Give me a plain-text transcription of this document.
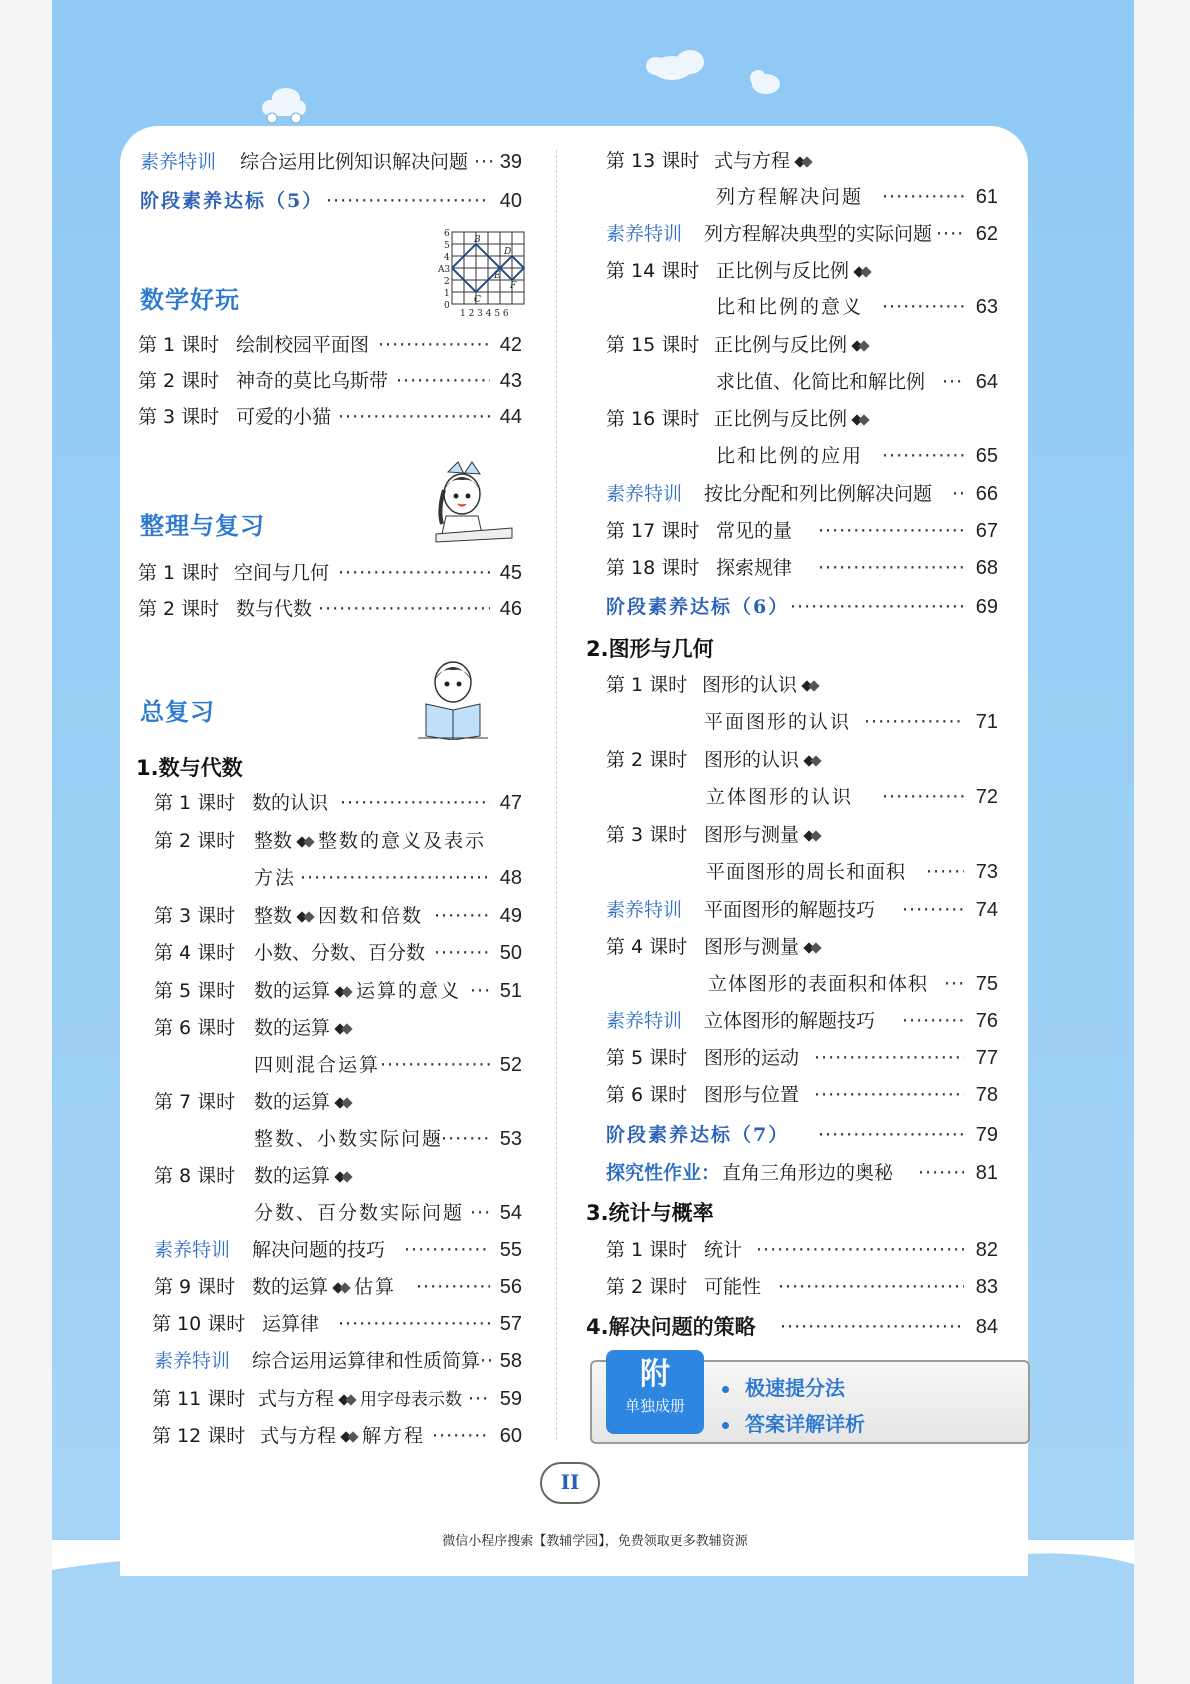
素养特训 综合运用比例知识解决问题 ·····	39
阶段素养达标（5） ·····	40
6
5
4
A3
2
1
0
B
D
E
F
C
1 2 3 4 5 6
数学好玩
第 1 课时 绘制校园平面图 ·····	42
第 2 课时 神奇的莫比乌斯带 ·····	43
第 3 课时 可爱的小猫 ·····	44
整理与复习
第 1 课时 空间与几何 ·····	45
第 2 课时 数与代数 ·····	46
总复习
1.数与代数
第 1 课时 数的认识 ·····	47
第 2 课时 整数 整数的意义及表示
方法 ·····	48
第 3 课时 整数 因数和倍数 ·····	49
第 4 课时 小数、分数、百分数 ·····	50
第 5 课时 数的运算 运算的意义 ·····	51
第 6 课时 数的运算
四则混合运算 ·····	52
第 7 课时 数的运算
整数、小数实际问题 ·····	53
第 8 课时 数的运算
分数、百分数实际问题 ·····	54
素养特训 解决问题的技巧 ·····	55
第 9 课时 数的运算 估算 ·····	56
第 10 课时 运算律 ·····	57
素养特训 综合运用运算律和性质简算 ····· 58
第 11 课时 式与方程 用字母表示数 ·····	59
第 12 课时 式与方程 解方程 ·····	60
第 13 课时 式与方程
列方程解决问题 ·····	61
素养特训 列方程解决典型的实际问题 ·····	62
第 14 课时 正比例与反比例
比和比例的意义 ·····	63
第 15 课时 正比例与反比例
求比值、化简比和解比例 ·····	64
第 16 课时 正比例与反比例
比和比例的应用 ·····	65
素养特训 按比分配和列比例解决问题 ·····	66
第 17 课时 常见的量 ·····	67
第 18 课时 探索规律 ·····	68
阶段素养达标（6） ·····	69
2.图形与几何
第 1 课时 图形的认识
平面图形的认识 ·····	71
第 2 课时 图形的认识
立体图形的认识 ·····	72
第 3 课时 图形与测量
平面图形的周长和面积 ·····	73
素养特训 平面图形的解题技巧 ·····	74
第 4 课时 图形与测量
立体图形的表面积和体积 ·····	75
素养特训 立体图形的解题技巧 ·····	76
第 5 课时 图形的运动 ·····	77
第 6 课时 图形与位置 ·····	78
阶段素养达标（7） ·····	79
探究性作业： 直角三角形边的奥秘 ·····	81
3.统计与概率
第 1 课时 统计 ·····	82
第 2 课时 可能性 ·····	83
4.解决问题的策略 ·····	84
附
单独成册
极速提分法
答案详解详析
II
微信小程序搜索【教辅学园】，免费领取更多教辅资源
